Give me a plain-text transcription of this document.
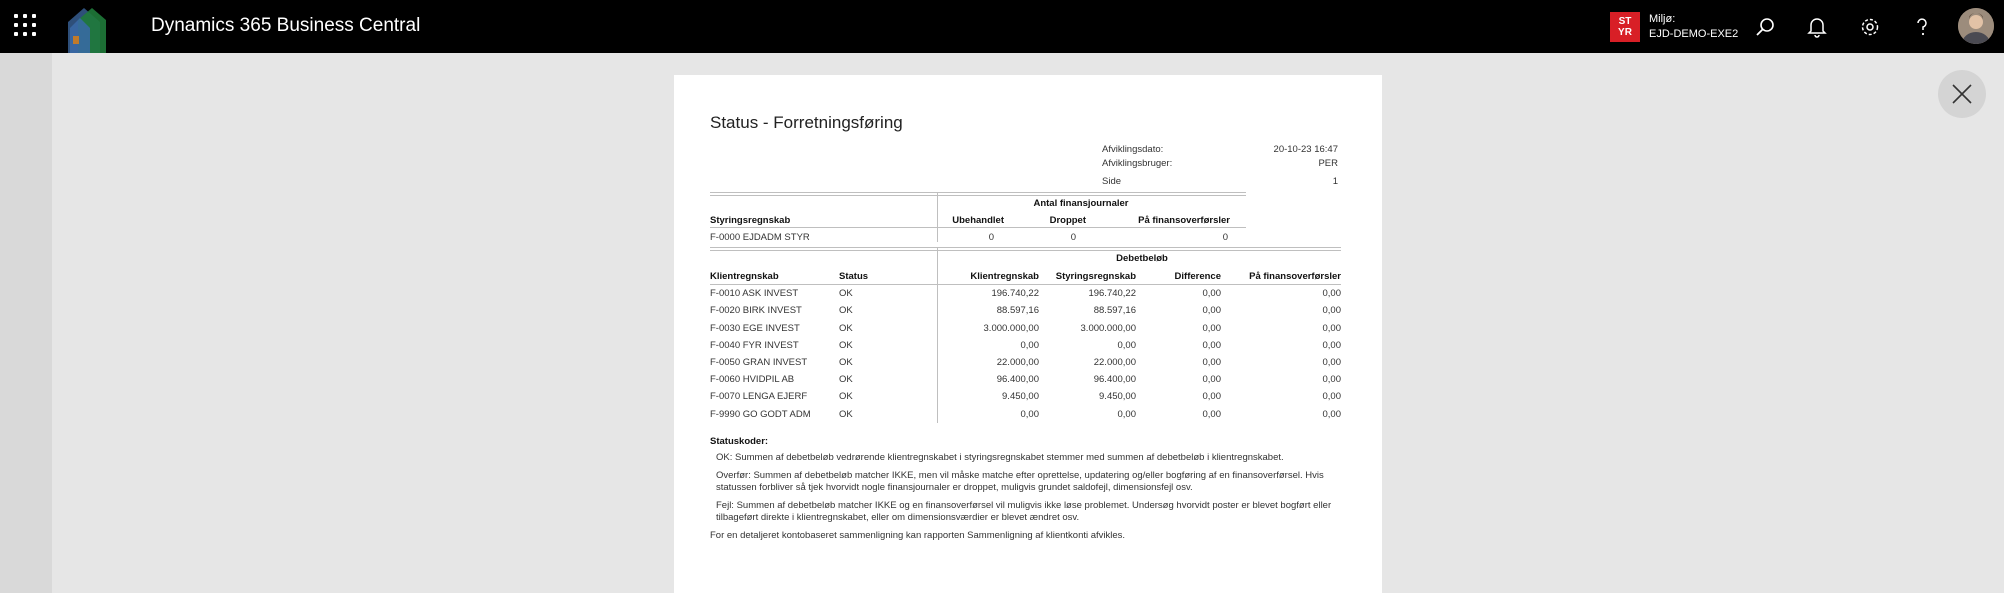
Dynamics 365 Business Central	ST
YR
Miljø:
EJD-DEMO-EXE2
Status - Forretningsføring
Afviklingsdato:	20-10-23 16:47
Afviklingsbruger:	PER
Side	1
Antal finansjournaler
Styringsregnskab	Ubehandlet	Droppet	På finansoverførsler
F-0000 EJDADM STYR	0	0	0
Debetbeløb
Klientregnskab	Status	Klientregnskab	Styringsregnskab	Difference	På finansoverførsler
F-0010 ASK INVEST	OK	196.740,22	196.740,22	0,00	0,00
F-0020 BIRK INVEST	OK	88.597,16	88.597,16	0,00	0,00
F-0030 EGE INVEST	OK	3.000.000,00	3.000.000,00	0,00	0,00
F-0040 FYR INVEST	OK	0,00	0,00	0,00	0,00
F-0050 GRAN INVEST	OK	22.000,00	22.000,00	0,00	0,00
F-0060 HVIDPIL AB	OK	96.400,00	96.400,00	0,00	0,00
F-0070 LENGA EJERF	OK	9.450,00	9.450,00	0,00	0,00
F-9990 GO GODT ADM	OK	0,00	0,00	0,00	0,00
Statuskoder:
OK: Summen af debetbeløb vedrørende klientregnskabet i styringsregnskabet stemmer med summen af debetbeløb i klientregnskabet.
Overfør: Summen af debetbeløb matcher IKKE, men vil måske matche efter oprettelse, updatering og/eller bogføring af en finansoverførsel. Hvis
statussen forbliver så tjek hvorvidt nogle finansjournaler er droppet, muligvis grundet saldofejl, dimensionsfejl osv.
Fejl: Summen af debetbeløb matcher IKKE og en finansoverførsel vil muligvis ikke løse problemet. Undersøg hvorvidt poster er blevet bogført eller
tilbageført direkte i klientregnskabet, eller om dimensionsværdier er blevet ændret osv.
For en detaljeret kontobaseret sammenligning kan rapporten Sammenligning af klientkonti afvikles.
